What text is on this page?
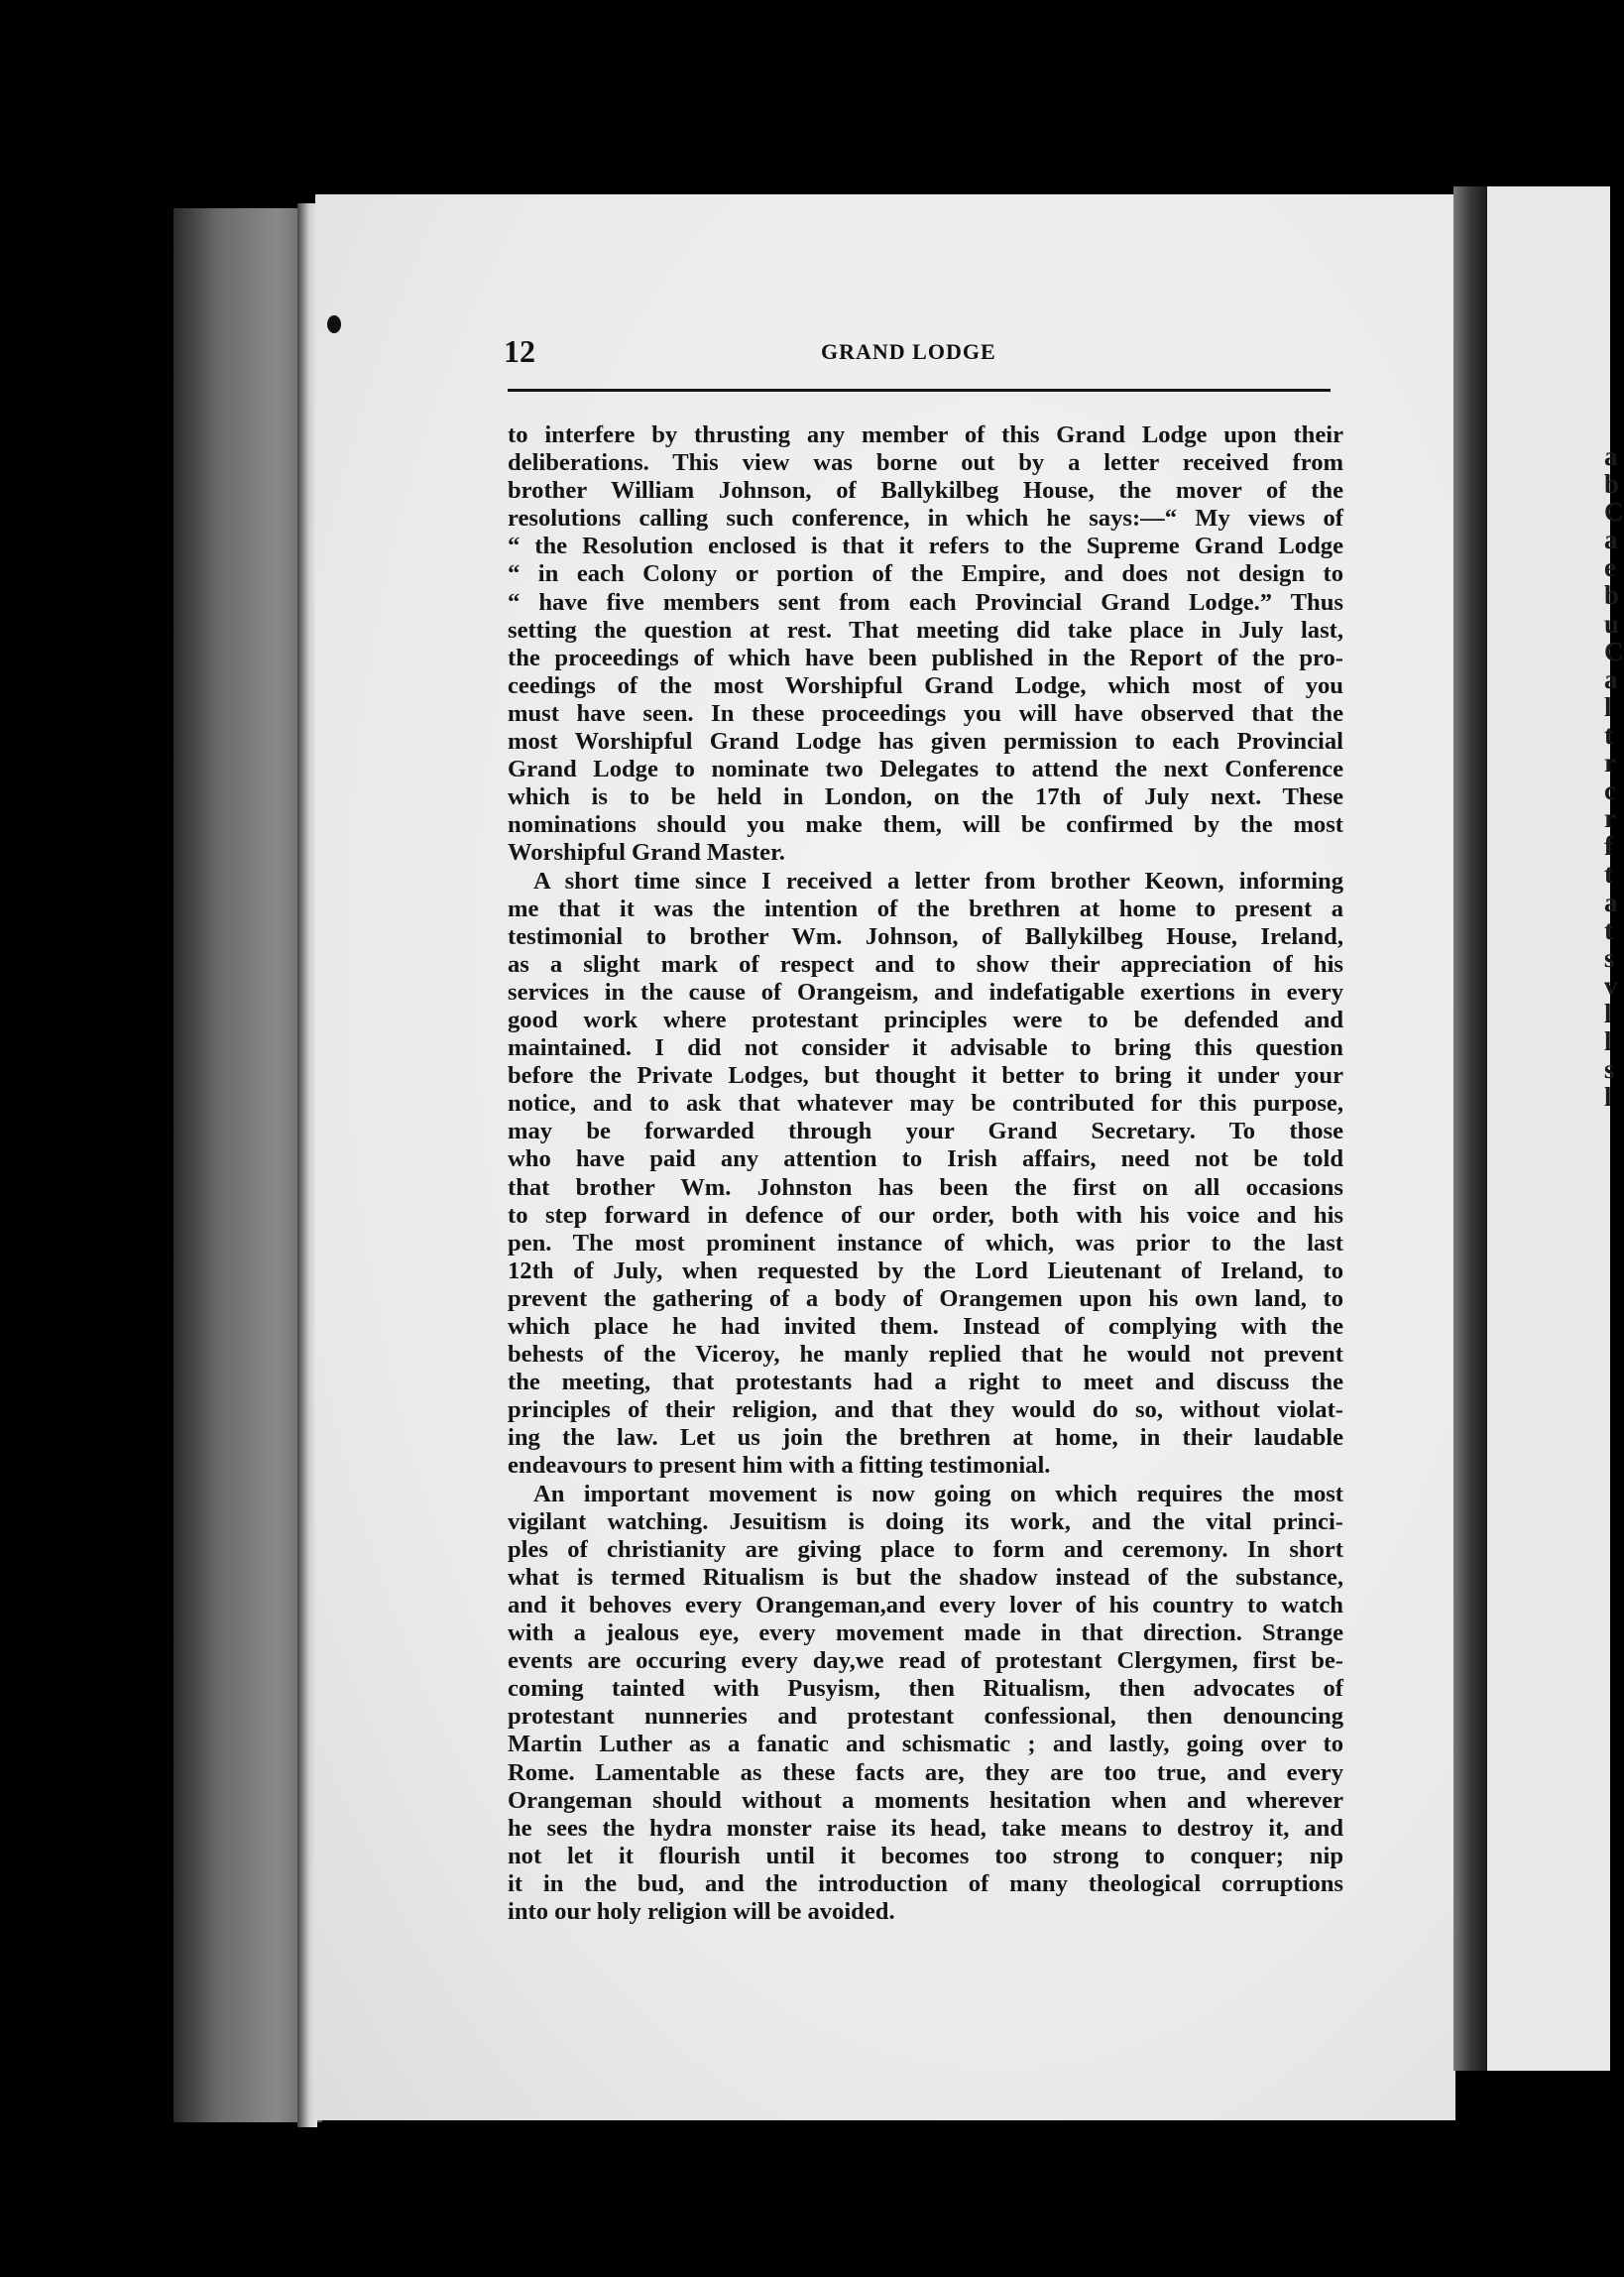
a
b
C
a
e
b
u
C
a
l
t
r
c
r
f
t
a
t
s
v
l
l
s
l
12	GRAND LODGE
to interfere by thrusting any member of this Grand Lodge upon their
deliberations. This view was borne out by a letter received from
brother William Johnson, of Ballykilbeg House, the mover of the
resolutions calling such conference, in which he says:—“ My views of
“ the Resolution enclosed is that it refers to the Supreme Grand Lodge
“ in each Colony or portion of the Empire, and does not design to
“ have five members sent from each Provincial Grand Lodge.” Thus
setting the question at rest. That meeting did take place in July last,
the proceedings of which have been published in the Report of the pro-
ceedings of the most Worshipful Grand Lodge, which most of you
must have seen. In these proceedings you will have observed that the
most Worshipful Grand Lodge has given permission to each Provincial
Grand Lodge to nominate two Delegates to attend the next Conference
which is to be held in London, on the 17th of July next. These
nominations should you make them, will be confirmed by the most
Worshipful Grand Master.
A short time since I received a letter from brother Keown, informing
me that it was the intention of the brethren at home to present a
testimonial to brother Wm. Johnson, of Ballykilbeg House, Ireland,
as a slight mark of respect and to show their appreciation of his
services in the cause of Orangeism, and indefatigable exertions in every
good work where protestant principles were to be defended and
maintained. I did not consider it advisable to bring this question
before the Private Lodges, but thought it better to bring it under your
notice, and to ask that whatever may be contributed for this purpose,
may be forwarded through your Grand Secretary. To those
who have paid any attention to Irish affairs, need not be told
that brother Wm. Johnston has been the first on all occasions
to step forward in defence of our order, both with his voice and his
pen. The most prominent instance of which, was prior to the last
12th of July, when requested by the Lord Lieutenant of Ireland, to
prevent the gathering of a body of Orangemen upon his own land, to
which place he had invited them. Instead of complying with the
behests of the Viceroy, he manly replied that he would not prevent
the meeting, that protestants had a right to meet and discuss the
principles of their religion, and that they would do so, without violat-
ing the law. Let us join the brethren at home, in their laudable
endeavours to present him with a fitting testimonial.
An important movement is now going on which requires the most
vigilant watching. Jesuitism is doing its work, and the vital princi-
ples of christianity are giving place to form and ceremony. In short
what is termed Ritualism is but the shadow instead of the substance,
and it behoves every Orangeman,and every lover of his country to watch
with a jealous eye, every movement made in that direction. Strange
events are occuring every day,we read of protestant Clergymen, first be-
coming tainted with Pusyism, then Ritualism, then advocates of
protestant nunneries and protestant confessional, then denouncing
Martin Luther as a fanatic and schismatic ; and lastly, going over to
Rome. Lamentable as these facts are, they are too true, and every
Orangeman should without a moments hesitation when and wherever
he sees the hydra monster raise its head, take means to destroy it, and
not let it flourish until it becomes too strong to conquer; nip
it in the bud, and the introduction of many theological corruptions
into our holy religion will be avoided.
